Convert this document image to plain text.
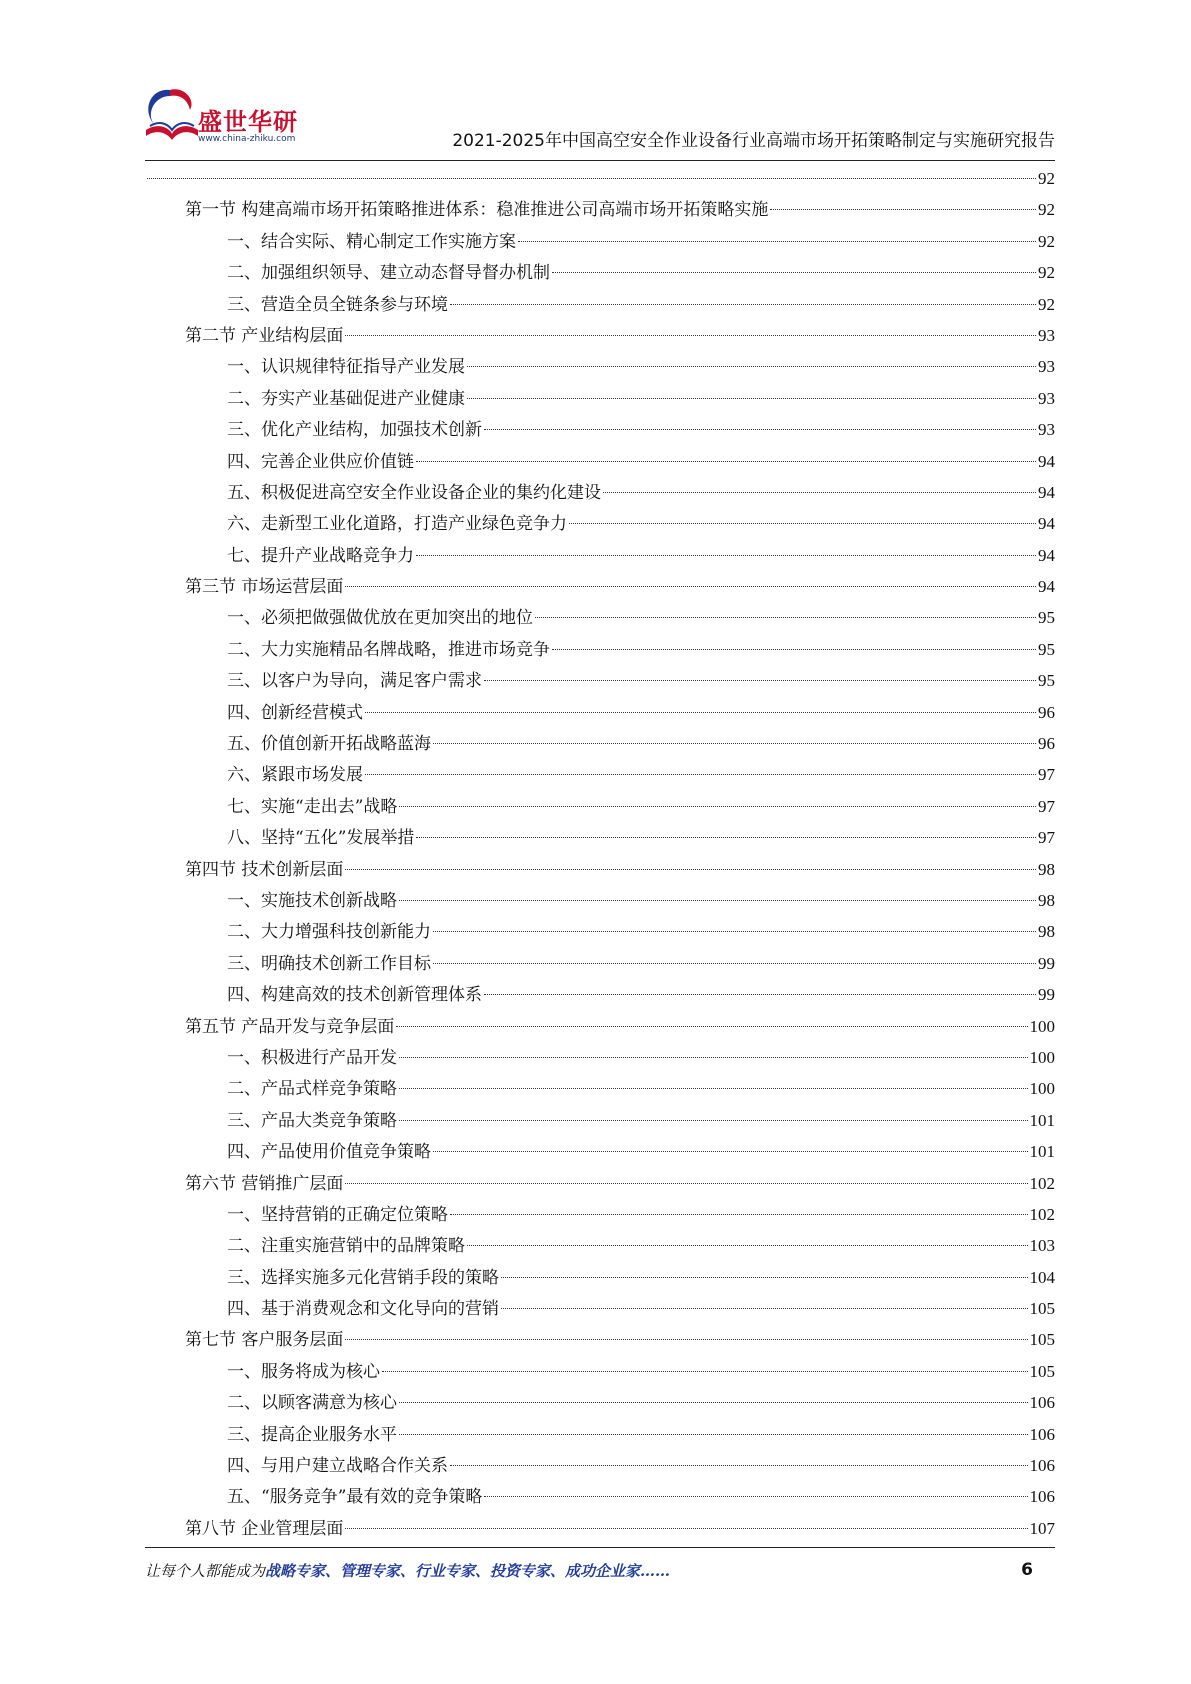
盛世华研
www.china-zhiku.com	2021-2025年中国高空安全作业设备行业高端市场开拓策略制定与实施研究报告
92
第一节 构建高端市场开拓策略推进体系：稳准推进公司高端市场开拓策略实施	92
一、结合实际、精心制定工作实施方案	92
二、加强组织领导、建立动态督导督办机制	92
三、营造全员全链条参与环境	92
第二节 产业结构层面	93
一、认识规律特征指导产业发展	93
二、夯实产业基础促进产业健康	93
三、优化产业结构，加强技术创新	93
四、完善企业供应价值链	94
五、积极促进高空安全作业设备企业的集约化建设	94
六、走新型工业化道路，打造产业绿色竞争力	94
七、提升产业战略竞争力	94
第三节 市场运营层面	94
一、必须把做强做优放在更加突出的地位	95
二、大力实施精品名牌战略，推进市场竞争	95
三、以客户为导向，满足客户需求	95
四、创新经营模式	96
五、价值创新开拓战略蓝海	96
六、紧跟市场发展	97
七、实施“走出去”战略	97
八、坚持“五化”发展举措	97
第四节 技术创新层面	98
一、实施技术创新战略	98
二、大力增强科技创新能力	98
三、明确技术创新工作目标	99
四、构建高效的技术创新管理体系	99
第五节 产品开发与竞争层面	100
一、积极进行产品开发	100
二、产品式样竞争策略	100
三、产品大类竞争策略	101
四、产品使用价值竞争策略	101
第六节 营销推广层面	102
一、坚持营销的正确定位策略	102
二、注重实施营销中的品牌策略	103
三、选择实施多元化营销手段的策略	104
四、基于消费观念和文化导向的营销	105
第七节 客户服务层面	105
一、服务将成为核心	105
二、以顾客满意为核心	106
三、提高企业服务水平	106
四、与用户建立战略合作关系	106
五、“服务竞争”最有效的竞争策略	106
第八节 企业管理层面	107
让每个人都能成为战略专家、管理专家、行业专家、投资专家、成功企业家……	6
